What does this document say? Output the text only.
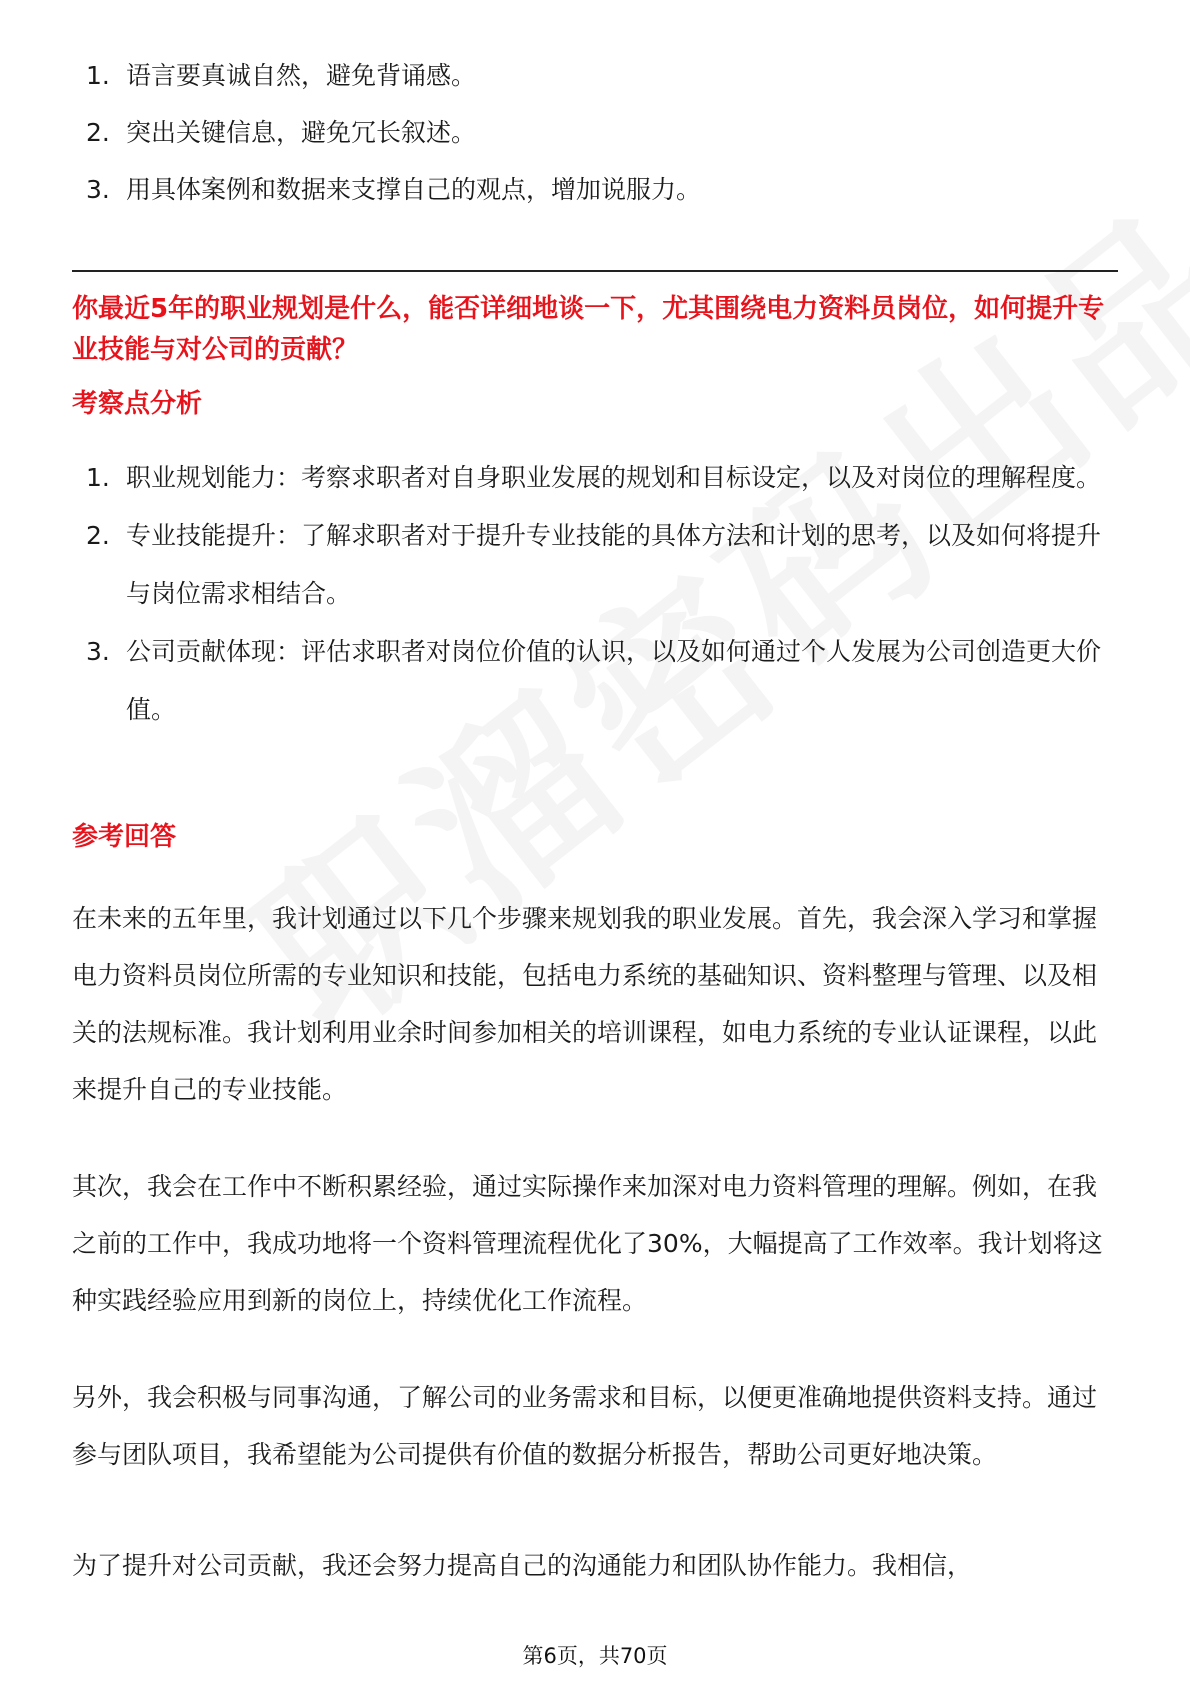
1. 语言要真诚自然，避免背诵感。
2. 突出关键信息，避免冗长叙述。
3. 用具体案例和数据来支撑自己的观点，增加说服力。
你最近5年的职业规划是什么，能否详细地谈一下，尤其围绕电力资料员岗位，如何提升专业技能与对公司的贡献？
考察点分析
1. 职业规划能力：考察求职者对自身职业发展的规划和目标设定，以及对岗位的理解程度。
2. 专业技能提升：了解求职者对于提升专业技能的具体方法和计划的思考，以及如何将提升与岗位需求相结合。
3. 公司贡献体现：评估求职者对岗位价值的认识，以及如何通过个人发展为公司创造更大价值。
参考回答

在未来的五年里，我计划通过以下几个步骤来规划我的职业发展。首先，我会深入学习和掌握电力资料员岗位所需的专业知识和技能，包括电力系统的基础知识、资料整理与管理、以及相关的法规标准。我计划利用业余时间参加相关的培训课程，如电力系统的专业认证课程，以此来提升自己的专业技能。

其次，我会在工作中不断积累经验，通过实际操作来加深对电力资料管理的理解。例如，在我之前的工作中，我成功地将一个资料管理流程优化了30%，大幅提高了工作效率。我计划将这种实践经验应用到新的岗位上，持续优化工作流程。

另外，我会积极与同事沟通，了解公司的业务需求和目标，以便更准确地提供资料支持。通过参与团队项目，我希望能为公司提供有价值的数据分析报告，帮助公司更好地决策。

为了提升对公司贡献，我还会努力提高自己的沟通能力和团队协作能力。我相信，

第6页，共70页
